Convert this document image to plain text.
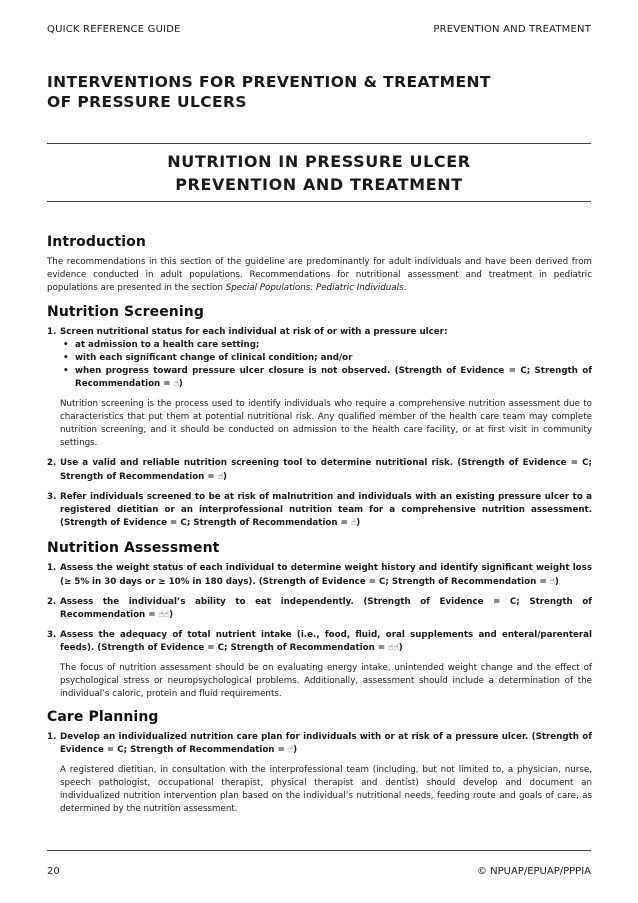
QUICK REFERENCE GUIDE	PREVENTION AND TREATMENT
INTERVENTIONS FOR PREVENTION & TREATMENT
OF PRESSURE ULCERS
NUTRITION IN PRESSURE ULCER
PREVENTION AND TREATMENT
Introduction

The recommendations in this section of the guideline are predominantly for adult individuals and have been derived from evidence conducted in adult populations. Recommendations for nutritional assessment and treatment in pediatric populations are presented in the section Special Populations: Pediatric Individuals.

Nutrition Screening
1. Screen nutritional status for each individual at risk of or with a pressure ulcer:
• at admission to a health care setting;
• with each significant change of clinical condition; and/or
• when progress toward pressure ulcer closure is not observed. (Strength of Evidence = C; Strength of Recommendation = ☝)

Nutrition screening is the process used to identify individuals who require a comprehensive nutrition assessment due to characteristics that put them at potential nutritional risk. Any qualified member of the health care team may complete nutrition screening, and it should be conducted on admission to the health care facility, or at first visit in community settings.

2. Use a valid and reliable nutrition screening tool to determine nutritional risk. (Strength of Evidence = C; Strength of Recommendation = ☝)
3. Refer individuals screened to be at risk of malnutrition and individuals with an existing pressure ulcer to a registered dietitian or an interprofessional nutrition team for a comprehensive nutrition assessment. (Strength of Evidence = C; Strength of Recommendation = ☝)
Nutrition Assessment
1. Assess the weight status of each individual to determine weight history and identify significant weight loss (≥ 5% in 30 days or ≥ 10% in 180 days). (Strength of Evidence = C; Strength of Recommendation = ☝)
2. Assess the individual’s ability to eat independently. (Strength of Evidence = C; Strength of Recommendation = ☝☝)
3. Assess the adequacy of total nutrient intake (i.e., food, fluid, oral supplements and enteral/parenteral feeds). (Strength of Evidence = C; Strength of Recommendation = ☝☝)

The focus of nutrition assessment should be on evaluating energy intake, unintended weight change and the effect of psychological stress or neuropsychological problems. Additionally, assessment should include a determination of the individual’s caloric, protein and fluid requirements.

Care Planning
1. Develop an individualized nutrition care plan for individuals with or at risk of a pressure ulcer. (Strength of Evidence = C; Strength of Recommendation = ☝)

A registered dietitian, in consultation with the interprofessional team (including, but not limited to, a physician, nurse, speech pathologist, occupational therapist, physical therapist and dentist) should develop and document an individualized nutrition intervention plan based on the individual’s nutritional needs, feeding route and goals of care, as determined by the nutrition assessment.

20	© NPUAP/EPUAP/PPPIA
